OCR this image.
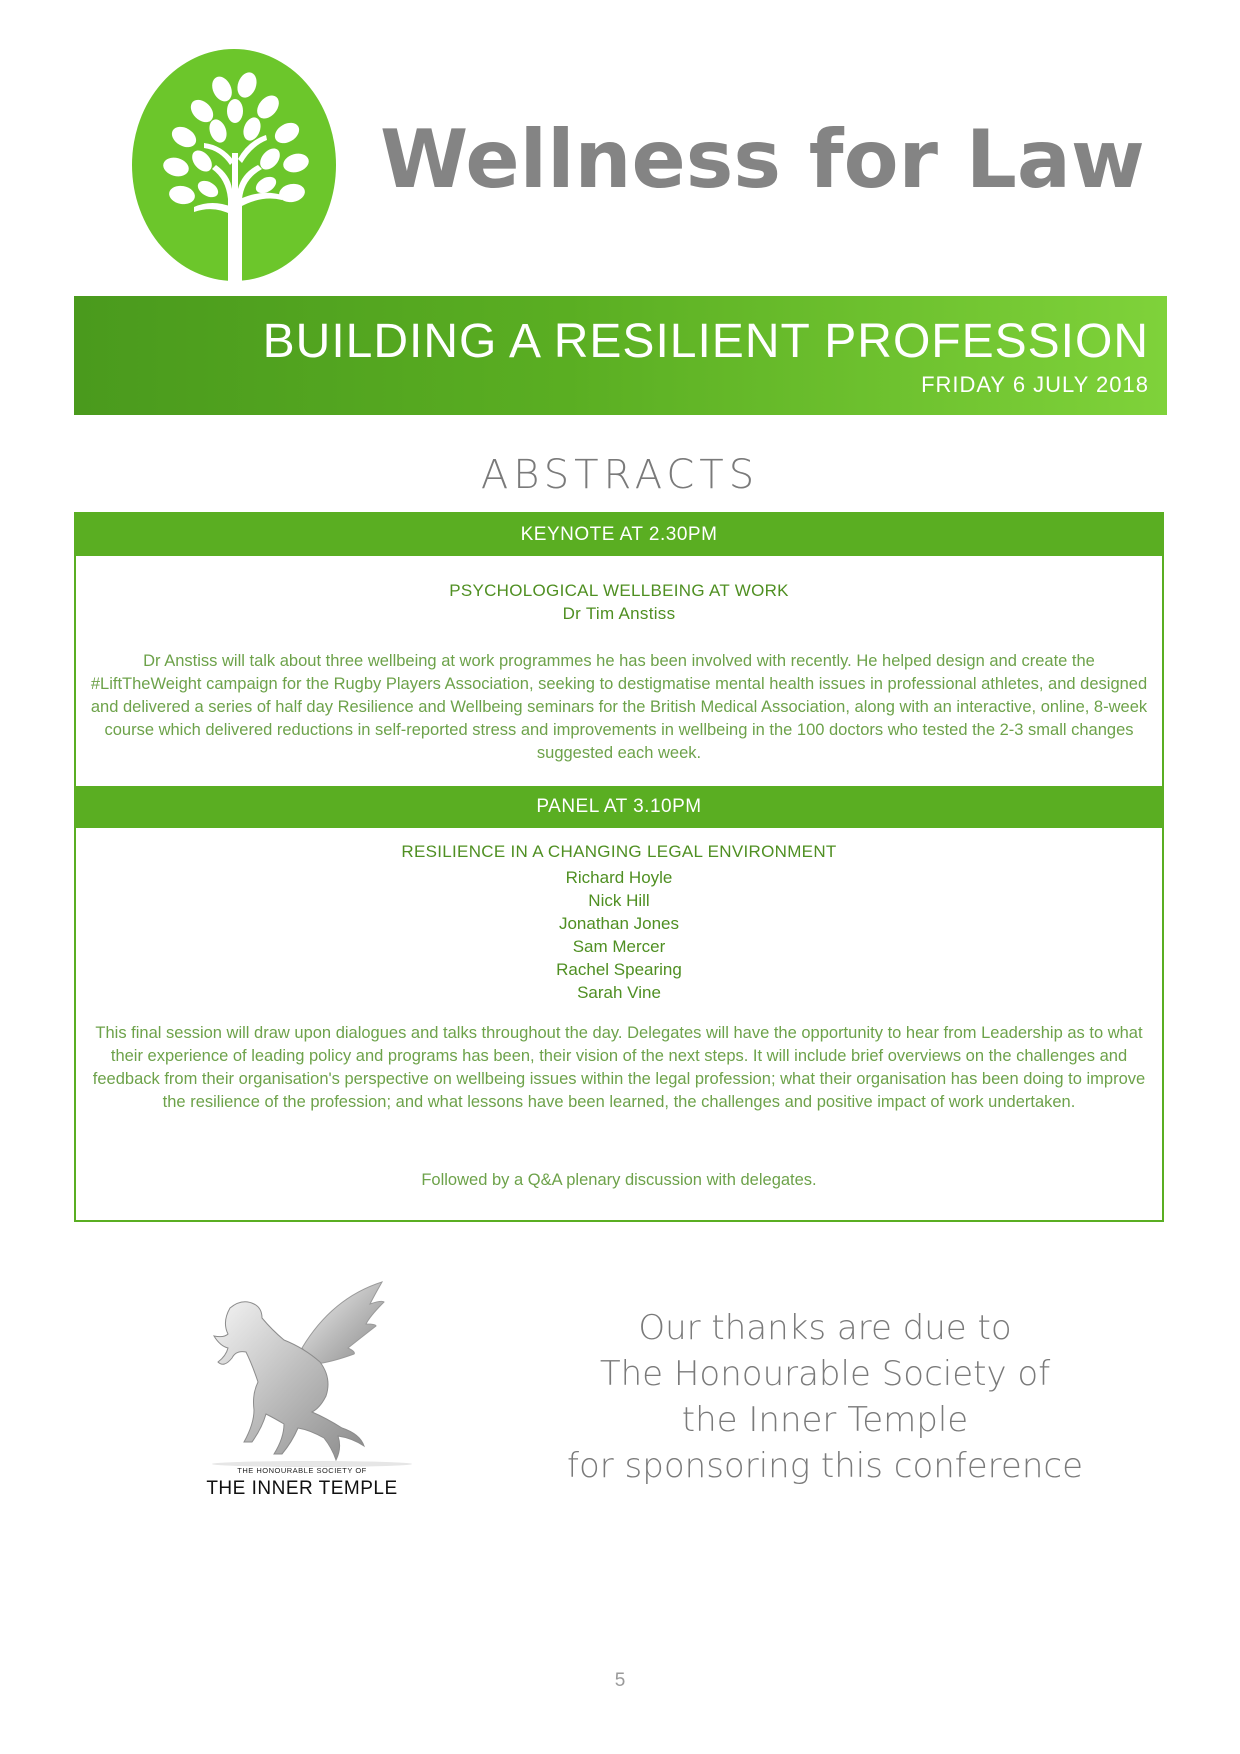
Wellness for Law
BUILDING A RESILIENT PROFESSION
FRIDAY 6 JULY 2018
ABSTRACTS
KEYNOTE AT 2.30PM
PSYCHOLOGICAL WELLBEING AT WORK
Dr Tim Anstiss
Dr Anstiss will talk about three wellbeing at work programmes he has been involved with recently. He helped design and create the #LiftTheWeight campaign for the Rugby Players Association, seeking to destigmatise mental health issues in professional athletes, and designed and delivered a series of half day Resilience and Wellbeing seminars for the British Medical Association, along with an interactive, online, 8-week course which delivered reductions in self-reported stress and improvements in wellbeing in the 100 doctors who tested the 2-3 small changes suggested each week.
PANEL AT 3.10PM
RESILIENCE IN A CHANGING LEGAL ENVIRONMENT
Richard Hoyle
Nick Hill
Jonathan Jones
Sam Mercer
Rachel Spearing
Sarah Vine
This final session will draw upon dialogues and talks throughout the day. Delegates will have the opportunity to hear from Leadership as to what their experience of leading policy and programs has been, their vision of the next steps. It will include brief overviews on the challenges and feedback from their organisation's perspective on wellbeing issues within the legal profession; what their organisation has been doing to improve the resilience of the profession; and what lessons have been learned, the challenges and positive impact of work undertaken.
Followed by a Q&A plenary discussion with delegates.
THE HONOURABLE SOCIETY OF
THE INNER TEMPLE
Our thanks are due to
The Honourable Society of
the Inner Temple
for sponsoring this conference
5
